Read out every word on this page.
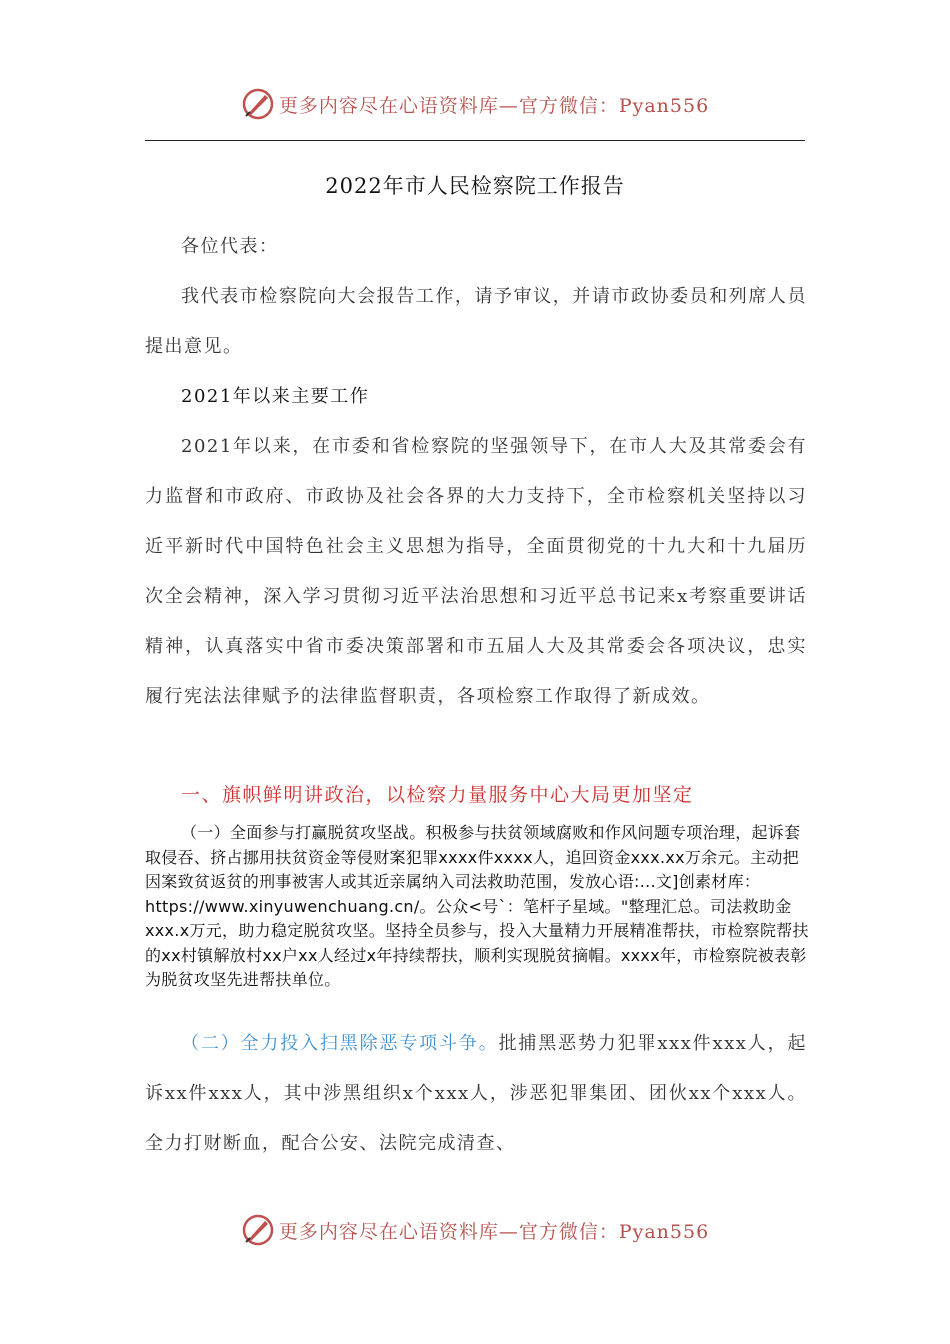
更多内容尽在心语资料库—官方微信：Pyan556
2022年市人民检察院工作报告

各位代表：

我代表市检察院向大会报告工作，请予审议，并请市政协委员和列席人员提出意见。

2021年以来主要工作

2021年以来，在市委和省检察院的坚强领导下，在市人大及其常委会有力监督和市政府、市政协及社会各界的大力支持下，全市检察机关坚持以习近平新时代中国特色社会主义思想为指导，全面贯彻党的十九大和十九届历次全会精神，深入学习贯彻习近平法治思想和习近平总书记来x考察重要讲话精神，认真落实中省市委决策部署和市五届人大及其常委会各项决议，忠实履行宪法法律赋予的法律监督职责，各项检察工作取得了新成效。

一、旗帜鲜明讲政治，以检察力量服务中心大局更加坚定

（一）全面参与打赢脱贫攻坚战。积极参与扶贫领域腐败和作风问题专项治理，起诉套取侵吞、挤占挪用扶贫资金等侵财案犯罪xxxx件xxxx人，追回资金xxx.xx万余元。主动把因案致贫返贫的刑事被害人或其近亲属纳入司法救助范围，发放心语:...文]创素材库：https://www.xinyuwenchuang.cn/。公众<号`：笔杆子星域。"整理汇总。司法救助金xxx.x万元，助力稳定脱贫攻坚。坚持全员参与，投入大量精力开展精准帮扶，市检察院帮扶的xx村镇解放村xx户xx人经过x年持续帮扶，顺利实现脱贫摘帽。xxxx年，市检察院被表彰为脱贫攻坚先进帮扶单位。

（二）全力投入扫黑除恶专项斗争。批捕黑恶势力犯罪xxx件xxx人，起诉xx件xxx人，其中涉黑组织x个xxx人，涉恶犯罪集团、团伙xx个xxx人。全力打财断血，配合公安、法院完成清查、

更多内容尽在心语资料库—官方微信：Pyan556
